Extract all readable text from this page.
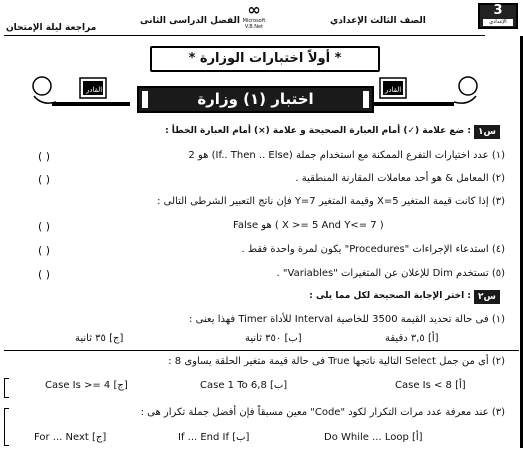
3
الإعدادي
الصف الثالث الإعدادي
∞
Microsoft
V.B.Net
الفصل الدراسى الثانى
مراجعة ليلة الإمتحان
* أولاً اختبارات الوزارة *
القادر	القادر
اختبار (١) وزارة
س١
: ضع علامة (✓) أمام العبارة الصحيحة و علامة (×) أمام العبارة الخطأ :
(١) عدد اختيارات التفرع الممكنة مع استخدام جملة (If.. Then .. Else) هو 2
( )
(٢) المعامل & هو أحد معاملات المقارنة المنطقية .
( )
(٣) إذا كانت قيمة المتغير X=5 وقيمة المتغير Y=7 فإن ناتج التعبير الشرطى التالى :
False هو ( X >= 5 And Y<= 7 )
( )
(٤) استدعاء الإجراءات "Procedures" يكون لمرة واحدة فقط .
( )
(٥) تستخدم Dim للإعلان عن المتغيرات "Variables" .
( )
س٢
: اختر الإجابة الصحيحة لكل مما يلى :
(١) فى حالة تحديد القيمة 3500 للخاصية Interval للأداة Timer فهذا يعنى :
[أ] ٣,٥ دقيقة
[ب] ٣٥٠ ثانية
[ج] ٣٥ ثانية
(٢) أى من جمل Select التالية ناتجها True فى حالة قيمة متغير الحلقة يساوى 8 :
[أ] Case Is < 8
[ب] Case 1 To 6,8
[ج] Case Is >= 4
(٣) عند معرفة عدد مرات التكرار لكود "Code" معين مسبقاً فإن أفضل جملة تكرار هى :
[أ] Do While ... Loop
[ب] If ... End If
[ج] For ... Next
